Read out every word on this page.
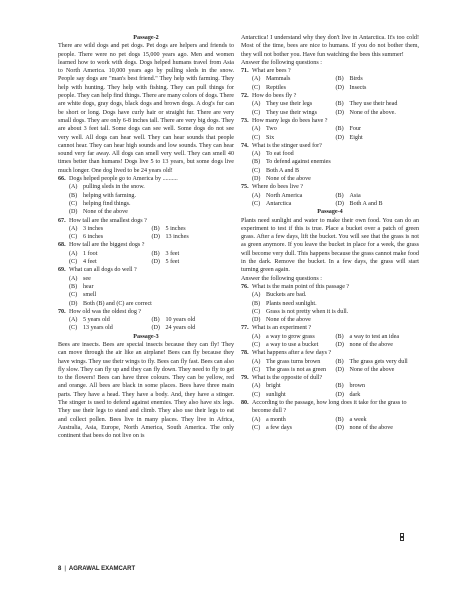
Passage-2
There are wild dogs and pet dogs. Pet dogs are helpers and friends to people. There were no pet dogs 15,000 years ago. Men and women learned how to work with dogs. Dogs helped humans travel from Asia to North America. 10,000 years ago by pulling sleds in the snow. People say dogs are "man's best friend." They help with farming. They help with hunting. They help with fishing. They can pull things for people. They can help find things. There are many colors of dogs. There are white dogs, gray dogs, black dogs and brown dogs. A dog's fur can be short or long. Dogs have curly hair or straight fur. There are very small dogs. They are only 6-8 inches tall. There are very big dogs. They are about 3 feet tall. Some dogs can see well. Some dogs do not see very well. All dogs can hear well. They can hear sounds that people cannot hear. They can hear high sounds and low sounds. They can hear sound very far away. All dogs can smell very well. They can smell 40 times better than humans! Dogs live 5 to 13 years, but some dogs live much longer. One dog lived to be 24 years old!
66. Dogs helped people go to America by ..........
(A) pulling sleds in the snow.
(B) helping with farming.
(C) helping find things.
(D) None of the above
67. How tall are the smallest dogs ?
(A) 3 inches	(B) 5 inches
(C) 6 inches	(D) 13 inches
68. How tall are the biggest dogs ?
(A) 1 foot	(B) 3 feet
(C) 4 feet	(D) 5 feet
69. What can all dogs do well ?
(A) see
(B) hear
(C) smell
(D) Both (B) and (C) are correct
70. How old was the oldest dog ?
(A) 5 years old	(B) 10 years old
(C) 13 years old	(D) 24 years old
Passage-3
Bees are insects. Bees are special insects because they can fly! They can move through the air like an airplane! Bees can fly because they have wings. They use their wings to fly. Bees can fly fast. Bees can also fly slow. They can fly up and they can fly down. They need to fly to get to the flowers! Bees can have three colours. They can be yellow, red and orange. All bees are black in some places. Bees have three main parts. They have a head. They have a body. And, they have a stinger. The stinger is used to defend against enemies. They also have six legs. They use their legs to stand and climb. They also use their legs to eat and collect pollen. Bees live in many places. They live in Africa, Australia, Asia, Europe, North America, South America. The only continent that bees do not live on is
Antarctica! I understand why they don't live in Antarctica. It's too cold! Most of the time, bees are nice to humans. If you do not bother them, they will not bother you. Have fun watching the bees this summer!
Answer the following questions :
71. What are bees ?
(A) Mammals	(B) Birds
(C) Reptiles	(D) Insects
72. How do bees fly ?
(A) They use their legs	(B) They use their head
(C) They use their wings	(D) None of the above.
73. How many legs do bees have ?
(A) Two	(B) Four
(C) Six	(D) Eight
74. What is the stinger used for?
(A) To eat food
(B) To defend against enemies
(C) Both A and B
(D) None of the above
75. Where do bees live ?
(A) North America	(B) Asia
(C) Antarctica	(D) Both A and B
Passage-4
Plants need sunlight and water to make their own food. You can do an experiment to test if this is true. Place a bucket over a patch of green grass. After a few days, lift the bucket. You will see that the grass is not as green anymore. If you leave the bucket in place for a week, the grass will become very dull. This happens because the grass cannot make food in the dark. Remove the bucket. In a few days, the grass will start turning green again.
Answer the following questions :
76. What is the main point of this passage ?
(A) Buckets are bad.
(B) Plants need sunlight.
(C) Grass is not pretty when it is dull.
(D) None of the above
77. What is an experiment ?
(A) a way to grow grass	(B) a way to test an idea
(C) a way to use a bucket	(D) none of the above
78. What happens after a few days ?
(A) The grass turns brown (B) The grass gets very dull
(C) The grass is not as green (D) None of the above
79. What is the opposite of dull?
(A) bright	(B) brown
(C) sunlight	(D) dark
80. According to the passage, how long does it take for the grass to become dull ?
(A) a month	(B) a week
(C) a few days	(D) none of the above
8 | AGRAWAL EXAMCART
